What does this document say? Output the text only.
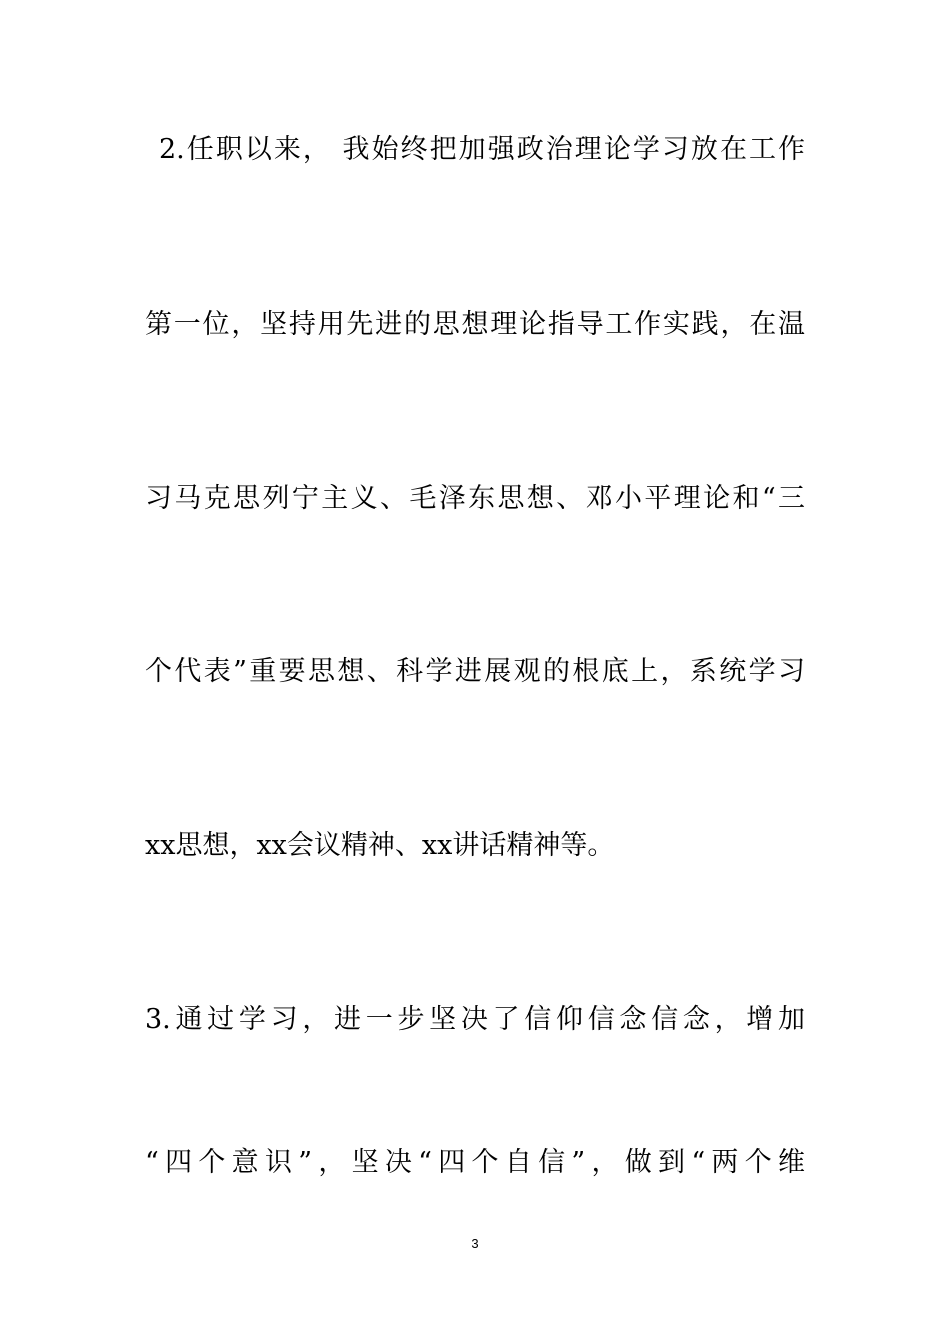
2.任职以来， 我始终把加强政治理论学习放在工作
第一位，坚持用先进的思想理论指导工作实践，在温
习马克思列宁主义、毛泽东思想、邓小平理论和“三
个代表”重要思想、科学进展观的根底上，系统学习
xx思想，xx会议精神、xx讲话精神等。
3.通过学习，进一步坚决了信仰信念信念，增加
“四个意识”，坚决“四个自信”，做到“两个维
3
